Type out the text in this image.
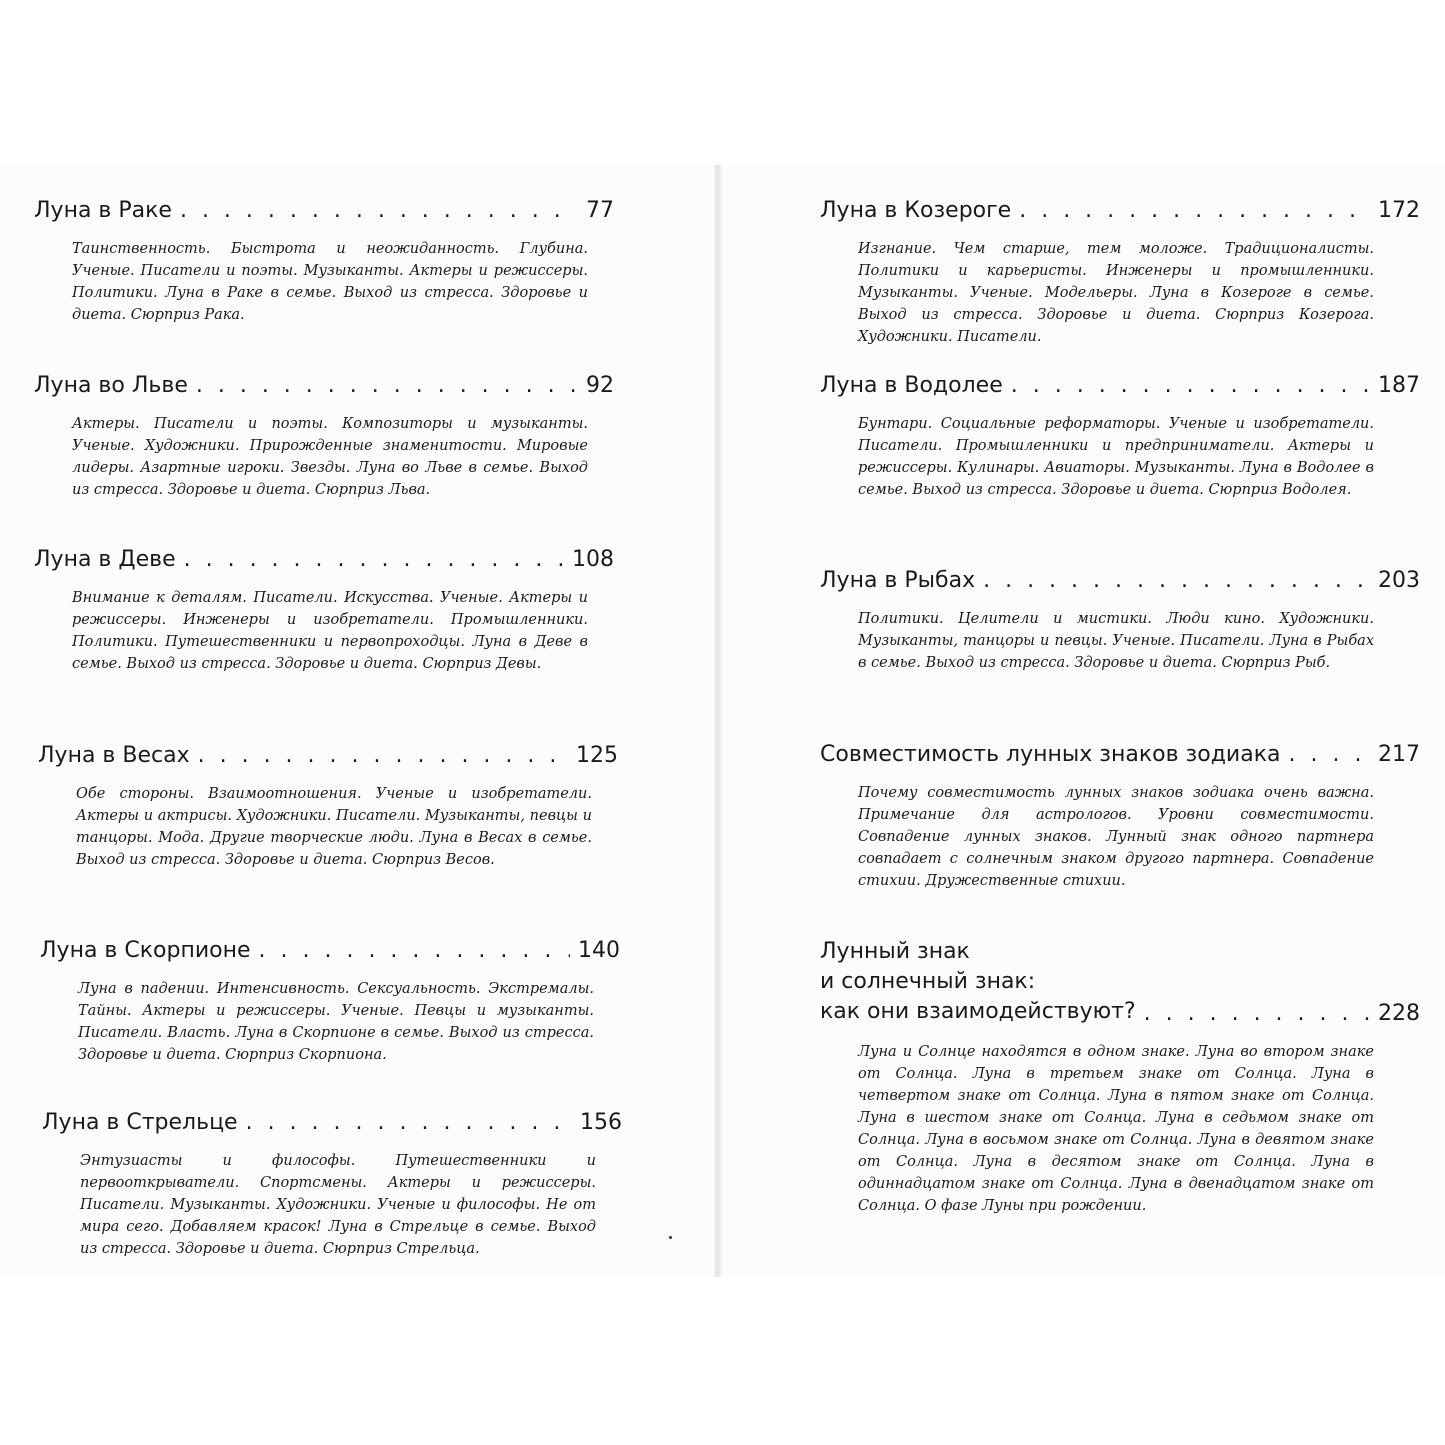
Луна в Раке . . .	77
Таинственность. Быстрота и неожиданность. Глубина. Ученые. Писатели и поэты. Музыканты. Актеры и режиссеры. Политики. Луна в Раке в семье. Выход из стресса. Здоровье и диета. Сюрприз Рака.
Луна во Льве . . .	92
Актеры. Писатели и поэты. Композиторы и музыканты. Ученые. Художники. Прирожденные знаменитости. Мировые лидеры. Азартные игроки. Звезды. Луна во Льве в семье. Выход из стресса. Здоровье и диета. Сюрприз Льва.
Луна в Деве . . .	108
Внимание к деталям. Писатели. Искусства. Ученые. Актеры и режиссеры. Инженеры и изобретатели. Промышленники. Политики. Путешественники и первопроходцы. Луна в Деве в семье. Выход из стресса. Здоровье и диета. Сюрприз Девы.
Луна в Весах . . .	125
Обе стороны. Взаимоотношения. Ученые и изобретатели. Актеры и актрисы. Художники. Писатели. Музыканты, певцы и танцоры. Мода. Другие творческие люди. Луна в Весах в семье. Выход из стресса. Здоровье и диета. Сюрприз Весов.
Луна в Скорпионе . . .	140
Луна в падении. Интенсивность. Сексуальность. Экстремалы. Тайны. Актеры и режиссеры. Ученые. Певцы и музыканты. Писатели. Власть. Луна в Скорпионе в семье. Выход из стресса. Здоровье и диета. Сюрприз Скорпиона.
Луна в Стрельце . . .	156
Энтузиасты и философы. Путешественники и первооткрыватели. Спортсмены. Актеры и режиссеры. Писатели. Музыканты. Художники. Ученые и философы. Не от мира сего. Добавляем красок! Луна в Стрельце в семье. Выход из стресса. Здоровье и диета. Сюрприз Стрельца.
Луна в Козероге . . .	172
Изгнание. Чем старше, тем моложе. Традиционалисты. Политики и карьеристы. Инженеры и промышленники. Музыканты. Ученые. Модельеры. Луна в Козероге в семье. Выход из стресса. Здоровье и диета. Сюрприз Козерога. Художники. Писатели.
Луна в Водолее . . .	187
Бунтари. Социальные реформаторы. Ученые и изобретатели. Писатели. Промышленники и предприниматели. Актеры и режиссеры. Кулинары. Авиаторы. Музыканты. Луна в Водолее в семье. Выход из стресса. Здоровье и диета. Сюрприз Водолея.
Луна в Рыбах . . .	203
Политики. Целители и мистики. Люди кино. Художники. Музыканты, танцоры и певцы. Ученые. Писатели. Луна в Рыбах в семье. Выход из стресса. Здоровье и диета. Сюрприз Рыб.
Совместимость лунных знаков зодиака . . .	217
Почему совместимость лунных знаков зодиака очень важна. Примечание для астрологов. Уровни совместимости. Совпадение лунных знаков. Лунный знак одного партнера совпадает с солнечным знаком другого партнера. Совпадение стихии. Дружественные стихии.
Лунный знак
и солнечный знак:
как они взаимодействуют? . . .	228
Луна и Солнце находятся в одном знаке. Луна во втором знаке от Солнца. Луна в третьем знаке от Солнца. Луна в четвертом знаке от Солнца. Луна в пятом знаке от Солнца. Луна в шестом знаке от Солнца. Луна в седьмом знаке от Солнца. Луна в восьмом знаке от Солнца. Луна в девятом знаке от Солнца. Луна в десятом знаке от Солнца. Луна в одиннадцатом знаке от Солнца. Луна в двенадцатом знаке от Солнца. О фазе Луны при рождении.
